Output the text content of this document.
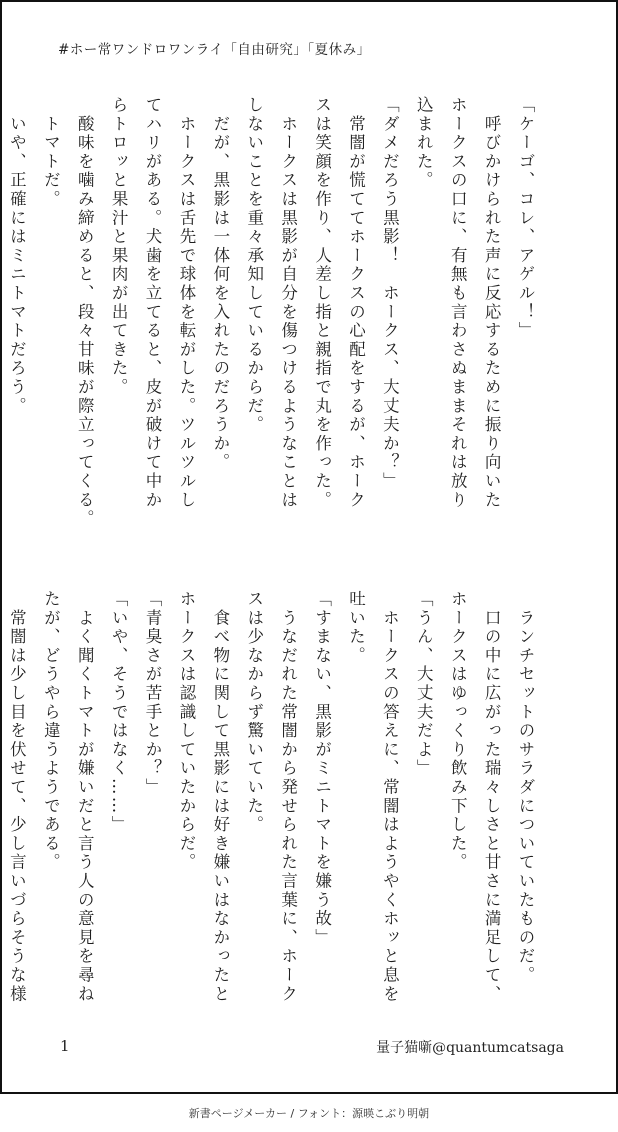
#ホー常ワンドロワンライ「自由研究」「夏休み」

「ケーゴ、コレ、アゲル！」

　呼びかけられた声に反応するために振り向いた

ホークスの口に、有無も言わさぬままそれは放り

込まれた。

「ダメだろう黒影！　ホークス、大丈夫か？」

　常闇が慌ててホークスの心配をするが、ホーク

スは笑顔を作り、人差し指と親指で丸を作った。

　ホークスは黒影が自分を傷つけるようなことは

しないことを重々承知しているからだ。

　だが、黒影は一体何を入れたのだろうか。

　ホークスは舌先で球体を転がした。ツルツルし

てハリがある。犬歯を立てると、皮が破けて中か

らトロッと果汁と果肉が出てきた。

　酸味を噛み締めると、段々甘味が際立ってくる。

　トマトだ。

　いや、正確にはミニトマトだろう。

　ランチセットのサラダについていたものだ。

　口の中に広がった瑞々しさと甘さに満足して、

ホークスはゆっくり飲み下した。

「うん、大丈夫だよ」

　ホークスの答えに、常闇はようやくホッと息を

吐いた。

「すまない、黒影がミニトマトを嫌う故」

　うなだれた常闇から発せられた言葉に、ホーク

スは少なからず驚いていた。

　食べ物に関して黒影には好き嫌いはなかったと

ホークスは認識していたからだ。

「青臭さが苦手とか？」

「いや、そうではなく……」

　よく聞くトマトが嫌いだと言う人の意見を尋ね

たが、どうやら違うようである。

　常闇は少し目を伏せて、少し言いづらそうな様

1	量子猫噺@quantumcatsaga
新書ページメーカー / フォント：源暎こぶり明朝
